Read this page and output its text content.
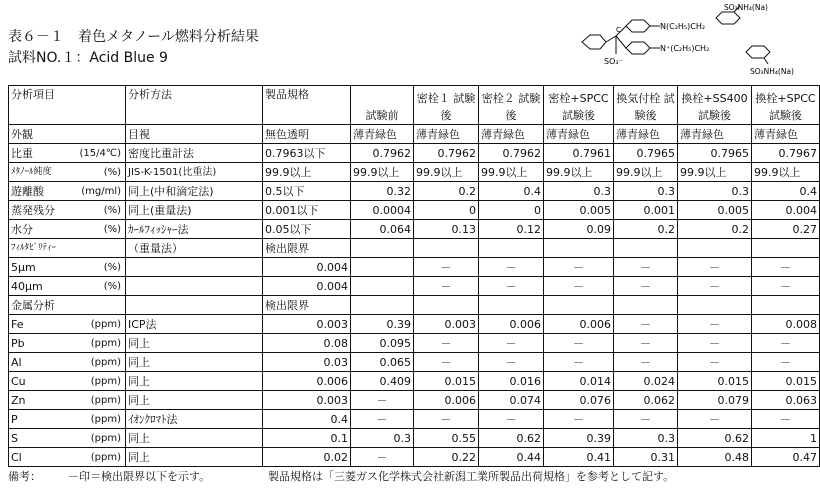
表６－１　着色メタノール燃料分析結果
試料NO.１：Acid Blue 9
C	N(C₂H₅)CH₂
SO₃NH₄(Na)
N⁺(C₂H₅)CH₂
SO₃NH₄(Na)
SO₃⁻
分析項目	分析方法	製品規格	試験前	密栓１ 試験後	密栓２ 試験後	密栓+SPCC 試験後	換気付栓 試験後	換栓+SS400 試験後	換栓+SPCC 試験後

外観	目視	無色透明	薄青緑色	薄青緑色	薄青緑色	薄青緑色	薄青緑色	薄青緑色	薄青緑色

比重 (15/4℃)	密度比重計法	0.7963以下	0.7962	0.7962	0.7962	0.7961	0.7965	0.7965	0.7967

ﾒﾀﾉｰﾙ純度 (%)	JIS-K-1501(比重法)	99.9以上	99.9以上	99.9以上	99.9以上	99.9以上	99.9以上	99.9以上	99.9以上

遊離酸 (mg/ml)	同上(中和滴定法)	0.5以下	0.32	0.2	0.4	0.3	0.3	0.3	0.4

蒸発残分 (%)	同上(重量法)	0.001以下	0.0004	0	0	0.005	0.001	0.005	0.004

水分 (%)	ｶｰﾙﾌｨｯｼｬｰ法	0.05以下	0.064	0.13	0.12	0.09	0.2	0.2	0.27

ﾌｨﾙﾀﾋﾞﾘﾃｨｰ	（重量法）	検出限界							

5μm (%)		0.004		－	－	－	－	－	－

40μm (%)		0.004		－	－	－	－	－	－

金属分析		検出限界							

Fe (ppm)	ICP法	0.003	0.39	0.003	0.006	0.006	－	－	0.008

Pb (ppm)	同上	0.08	0.095	－	－	－	－	－	－

Al (ppm)	同上	0.03	0.065	－	－	－	－	－	－

Cu (ppm)	同上	0.006	0.409	0.015	0.016	0.014	0.024	0.015	0.015

Zn (ppm)	同上	0.003	－	0.006	0.074	0.076	0.062	0.079	0.063

P (ppm)	ｲｵﾝｸﾛﾏﾄ法	0.4	－	－	－	－	－	－	－

S (ppm)	同上	0.1	0.3	0.55	0.62	0.39	0.3	0.62	1

Cl (ppm)	同上	0.02	－	0.22	0.44	0.41	0.31	0.48	0.47
備考：	－印＝検出限界以下を示す。	製品規格は「三菱ガス化学株式会社新潟工業所製品出荷規格」を参考として記す。
